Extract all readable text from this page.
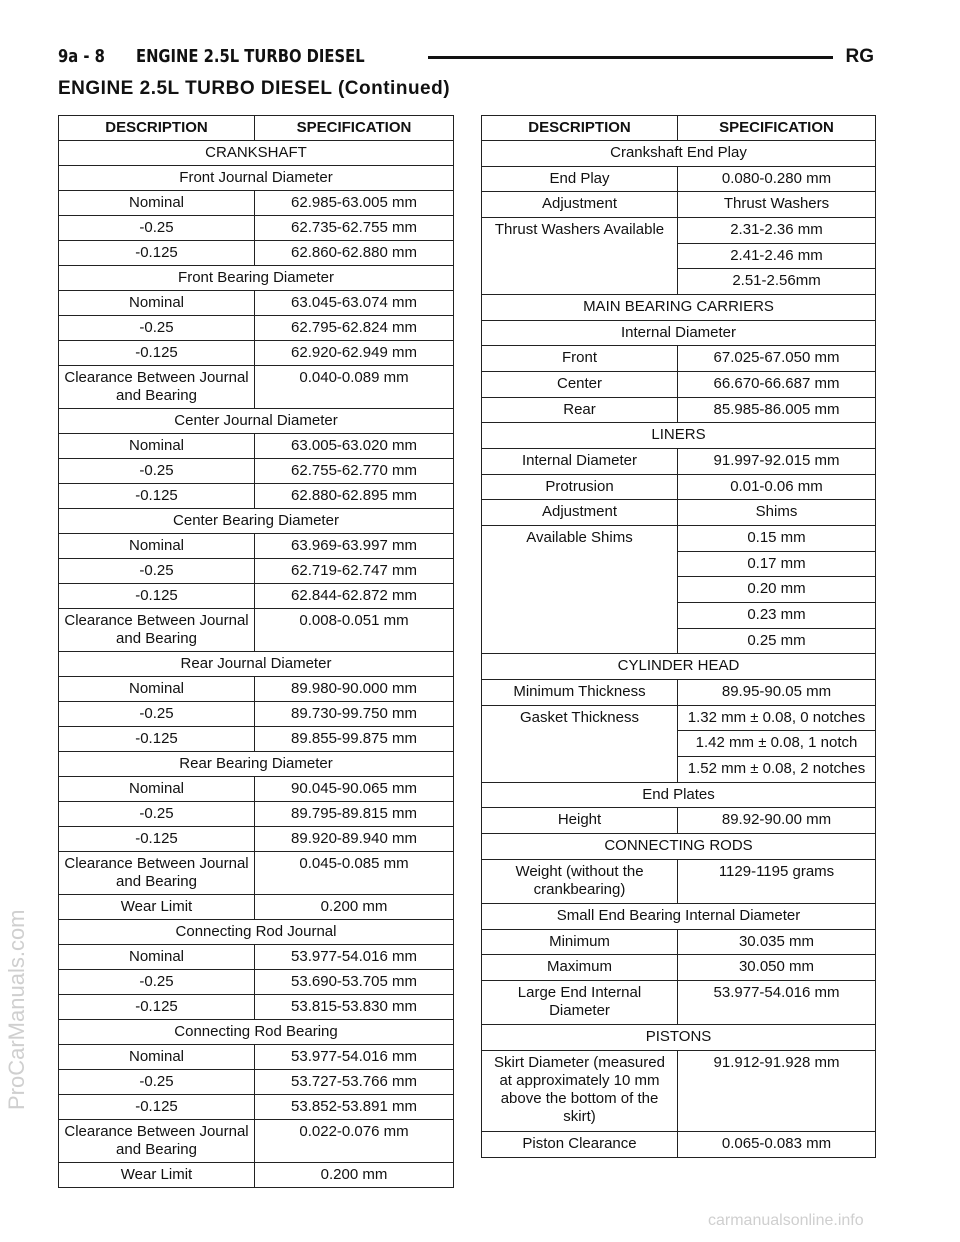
9a - 8 ENGINE 2.5L TURBO DIESEL	RG
ENGINE 2.5L TURBO DIESEL (Continued)
DESCRIPTION	SPECIFICATION
CRANKSHAFT	
Front Journal Diameter	
Nominal	62.985-63.005 mm
-0.25	62.735-62.755 mm
-0.125	62.860-62.880 mm
Front Bearing Diameter	
Nominal	63.045-63.074 mm
-0.25	62.795-62.824 mm
-0.125	62.920-62.949 mm
Clearance Between Journal and Bearing	0.040-0.089 mm
Center Journal Diameter	
Nominal	63.005-63.020 mm
-0.25	62.755-62.770 mm
-0.125	62.880-62.895 mm
Center Bearing Diameter	
Nominal	63.969-63.997 mm
-0.25	62.719-62.747 mm
-0.125	62.844-62.872 mm
Clearance Between Journal and Bearing	0.008-0.051 mm
Rear Journal Diameter	
Nominal	89.980-90.000 mm
-0.25	89.730-99.750 mm
-0.125	89.855-99.875 mm
Rear Bearing Diameter	
Nominal	90.045-90.065 mm
-0.25	89.795-89.815 mm
-0.125	89.920-89.940 mm
Clearance Between Journal and Bearing	0.045-0.085 mm
Wear Limit	0.200 mm
Connecting Rod Journal	
Nominal	53.977-54.016 mm
-0.25	53.690-53.705 mm
-0.125	53.815-53.830 mm
Connecting Rod Bearing	
Nominal	53.977-54.016 mm
-0.25	53.727-53.766 mm
-0.125	53.852-53.891 mm
Clearance Between Journal and Bearing	0.022-0.076 mm
Wear Limit	0.200 mm
DESCRIPTION	SPECIFICATION
Crankshaft End Play	
End Play	0.080-0.280 mm
Adjustment	Thrust Washers
Thrust Washers Available	2.31-2.36 mm
	2.41-2.46 mm
	2.51-2.56mm
MAIN BEARING CARRIERS	
Internal Diameter	
Front	67.025-67.050 mm
Center	66.670-66.687 mm
Rear	85.985-86.005 mm
LINERS	
Internal Diameter	91.997-92.015 mm
Protrusion	0.01-0.06 mm
Adjustment	Shims
Available Shims	0.15 mm
	0.17 mm
	0.20 mm
	0.23 mm
	0.25 mm
CYLINDER HEAD	
Minimum Thickness	89.95-90.05 mm
Gasket Thickness	1.32 mm ± 0.08, 0 notches
	1.42 mm ± 0.08, 1 notch
	1.52 mm ± 0.08, 2 notches
End Plates	
Height	89.92-90.00 mm
CONNECTING RODS	
Weight (without the crankbearing)	1129-1195 grams
Small End Bearing Internal Diameter	
Minimum	30.035 mm
Maximum	30.050 mm
Large End Internal Diameter	53.977-54.016 mm
PISTONS	
Skirt Diameter (measured at approximately 10 mm above the bottom of the skirt)	91.912-91.928 mm
Piston Clearance	0.065-0.083 mm
ProCarManuals.com
carmanualsonline.info
